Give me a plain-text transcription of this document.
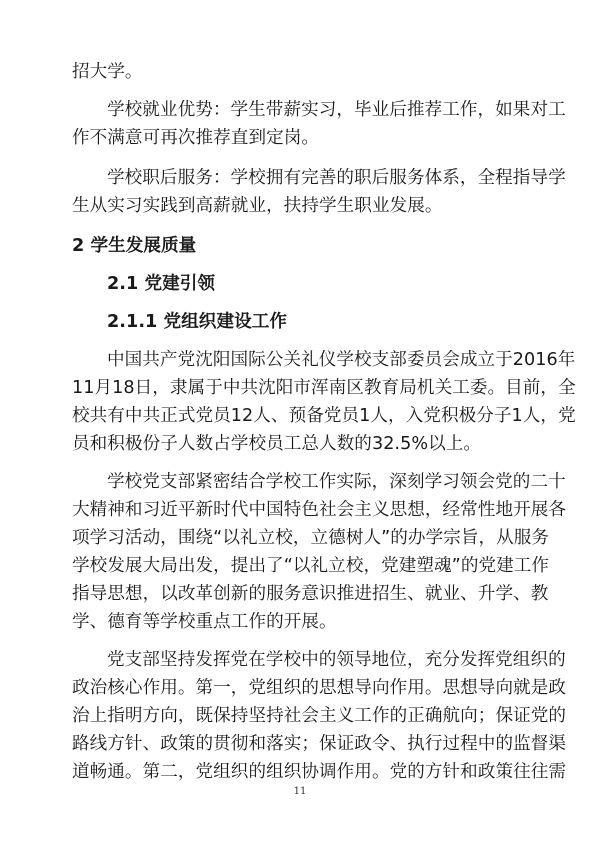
招大学。
学校就业优势：学生带薪实习，毕业后推荐工作，如果对工
作不满意可再次推荐直到定岗。
学校职后服务：学校拥有完善的职后服务体系，全程指导学
生从实习实践到高薪就业，扶持学生职业发展。
2 学生发展质量
2.1 党建引领
2.1.1 党组织建设工作
中国共产党沈阳国际公关礼仪学校支部委员会成立于2016年
11月18日，隶属于中共沈阳市浑南区教育局机关工委。目前，全
校共有中共正式党员12人、预备党员1人，入党积极分子1人，党
员和积极份子人数占学校员工总人数的32.5%以上。
学校党支部紧密结合学校工作实际，深刻学习领会党的二十
大精神和习近平新时代中国特色社会主义思想，经常性地开展各
项学习活动，围绕“以礼立校，立德树人”的办学宗旨，从服务
学校发展大局出发，提出了“以礼立校，党建塑魂”的党建工作
指导思想，以改革创新的服务意识推进招生、就业、升学、教
学、德育等学校重点工作的开展。
党支部坚持发挥党在学校中的领导地位，充分发挥党组织的
政治核心作用。第一，党组织的思想导向作用。思想导向就是政
治上指明方向，既保持坚持社会主义工作的正确航向；保证党的
路线方针、政策的贯彻和落实；保证政令、执行过程中的监督渠
道畅通。第二，党组织的组织协调作用。党的方针和政策往往需
11
